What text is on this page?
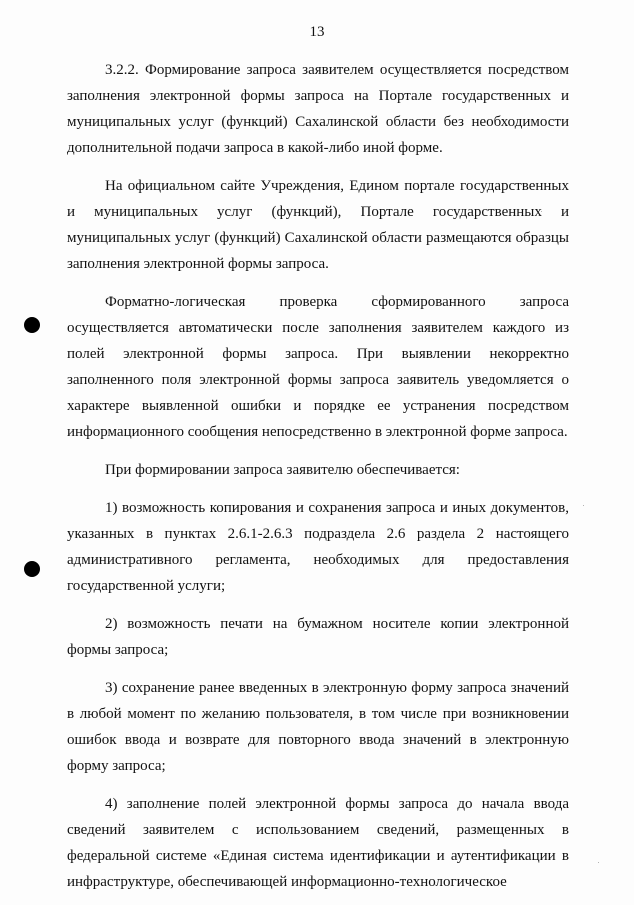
13

3.2.2. Формирование запроса заявителем осуществляется посредством заполнения электронной формы запроса на Портале государственных и муниципальных услуг (функций) Сахалинской области без необходимости дополнительной подачи запроса в какой-либо иной форме.

На официальном сайте Учреждения, Едином портале государственных и муниципальных услуг (функций), Портале государственных и муниципальных услуг (функций) Сахалинской области размещаются образцы заполнения электронной формы запроса.

Форматно-логическая проверка сформированного запроса осуществляется автоматически после заполнения заявителем каждого из полей электронной формы запроса. При выявлении некорректно заполненного поля электронной формы запроса заявитель уведомляется о характере выявленной ошибки и порядке ее устранения посредством информационного сообщения непосредственно в электронной форме запроса.

При формировании запроса заявителю обеспечивается:

1) возможность копирования и сохранения запроса и иных документов, указанных в пунктах 2.6.1-2.6.3 подраздела 2.6 раздела 2 настоящего административного регламента, необходимых для предоставления государственной услуги;

2) возможность печати на бумажном носителе копии электронной формы запроса;

3) сохранение ранее введенных в электронную форму запроса значений в любой момент по желанию пользователя, в том числе при возникновении ошибок ввода и возврате для повторного ввода значений в электронную форму запроса;

4) заполнение полей электронной формы запроса до начала ввода сведений заявителем с использованием сведений, размещенных в федеральной системе «Единая система идентификации и аутентификации в инфраструктуре, обеспечивающей информационно-технологическое
